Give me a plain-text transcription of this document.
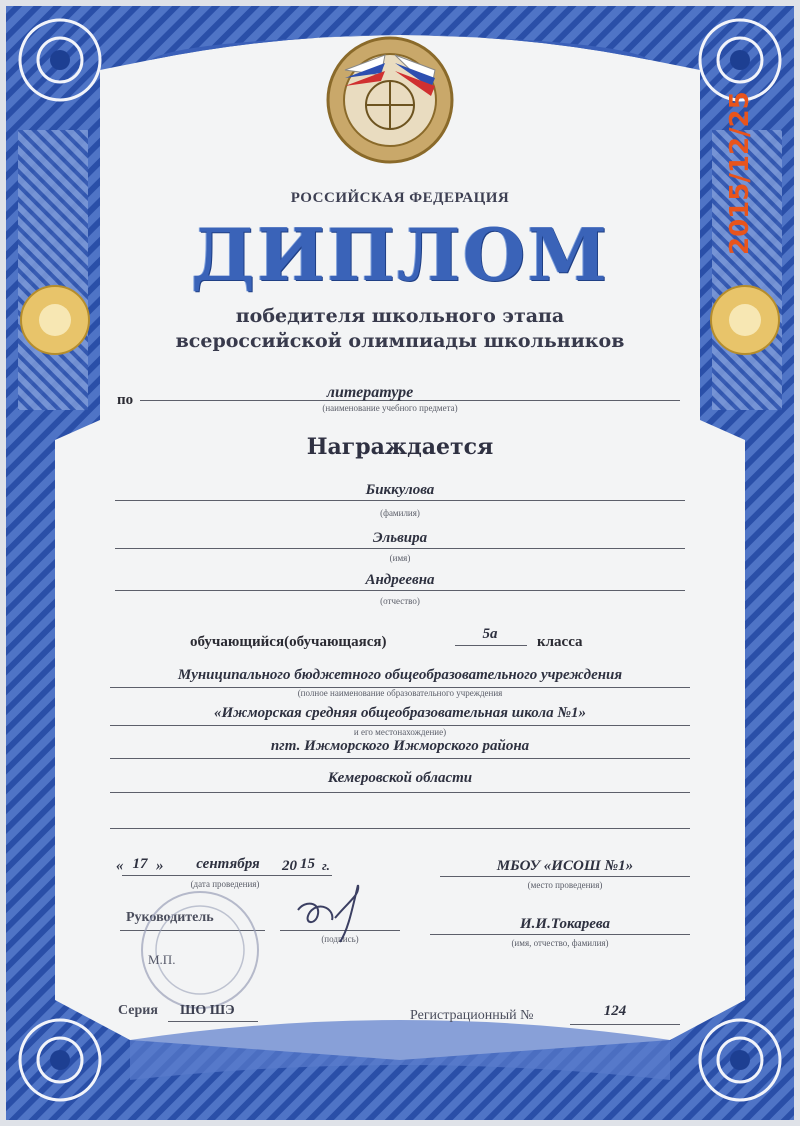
РОССИЙСКАЯ ФЕДЕРАЦИЯ
ДИПЛОМ
победителя школьного этапа
всероссийской олимпиады школьников
по	литературе
(наименование учебного предмета)
Награждается
Биккулова
(фамилия)
Эльвира
(имя)
Андреевна
(отчество)
обучающийся(обучающаяся)	5а	класса
Муниципального бюджетного общеобразовательного учреждения
(полное наименование образовательного учреждения
«Ижморская средняя общеобразовательная школа №1»
и его местонахождение)
пгт. Ижморского Ижморского района
Кемеровской области
« 17 »	сентября	20 15 г.
(дата проведения)
МБОУ «ИСОШ №1»
(место проведения)
Руководитель
(подпись)
М.П.
И.И.Токарева
(имя, отчество, фамилия)
Серия ШО ШЭ	Регистрационный №	124
2015/12/25
